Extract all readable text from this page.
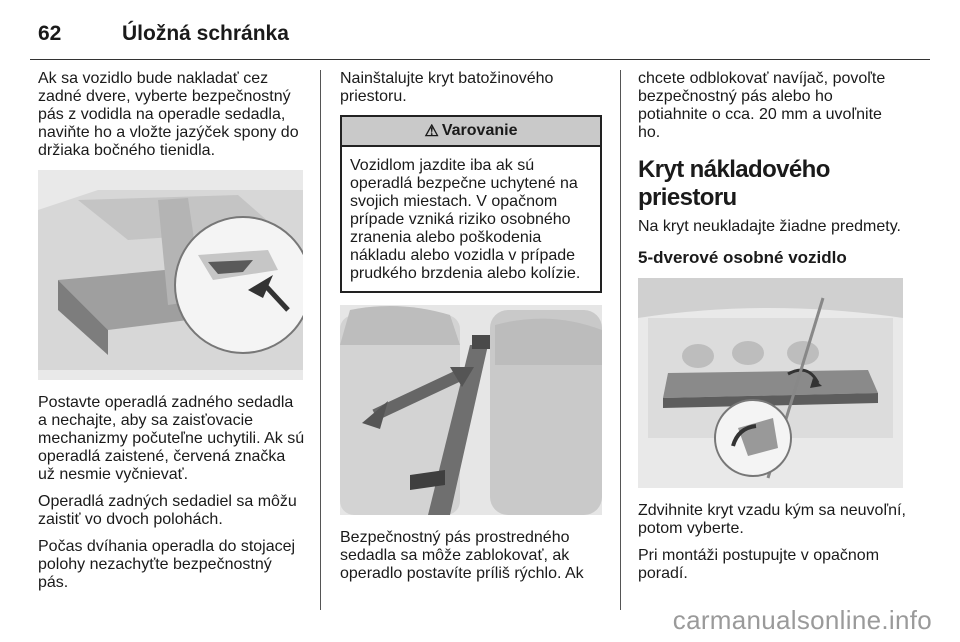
62	Úložná schránka

Ak sa vozidlo bude nakladať cez zadné dvere, vyberte bezpečnostný pás z vodidla na operadle sedadla, naviňte ho a vložte jazýček spony do držiaka bočného tienidla.

Postavte operadlá zadného sedadla a nechajte, aby sa zaisťovacie mechanizmy počuteľne uchytili. Ak sú operadlá zaistené, červená značka už nesmie vyčnievať.

Operadlá zadných sedadiel sa môžu zaistiť vo dvoch polohách.

Počas dvíhania operadla do stojacej polohy nezachyťte bezpečnostný pás.

Nainštalujte kryt batožinového priestoru.

⚠ Varovanie
Vozidlom jazdite iba ak sú operadlá bezpečne uchytené na svojich miestach. V opačnom prípade vzniká riziko osobného zranenia alebo poškodenia nákladu alebo vozidla v prípade prudkého brzdenia alebo kolízie.

Bezpečnostný pás prostredného sedadla sa môže zablokovať, ak operadlo postavíte príliš rýchlo. Ak

chcete odblokovať navíjač, povoľte bezpečnostný pás alebo ho potiahnite o cca. 20 mm a uvoľnite ho.

Kryt nákladového priestoru

Na kryt neukladajte žiadne predmety.

5-dverové osobné vozidlo

Zdvihnite kryt vzadu kým sa neuvoľní, potom vyberte.

Pri montáži postupujte v opačnom poradí.

carmanualsonline.info
